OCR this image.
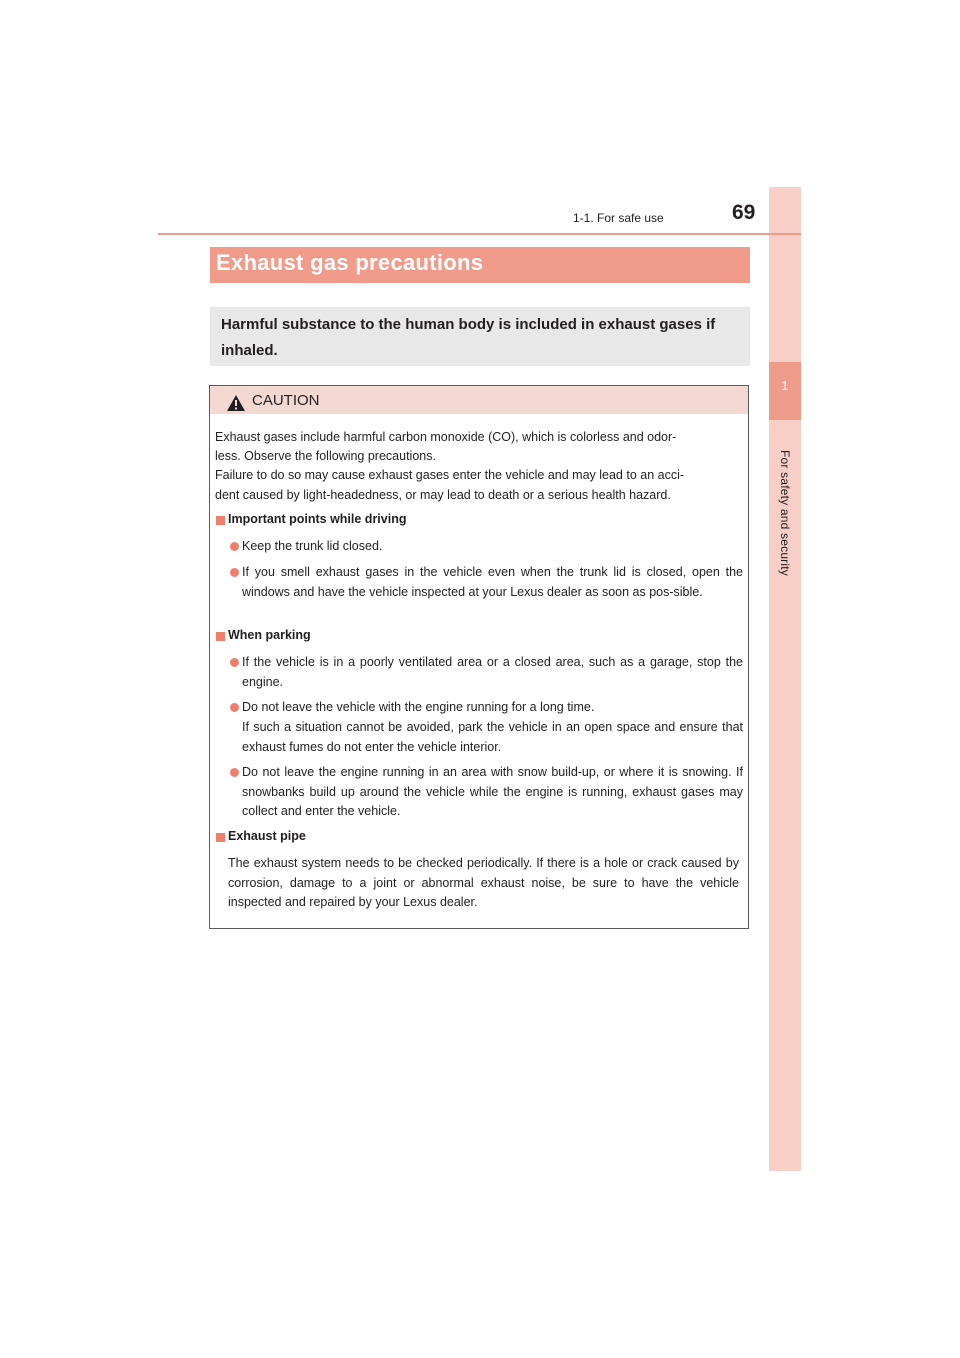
1
For safety and security
1-1. For safe use	69
Exhaust gas precautions
Harmful substance to the human body is included in exhaust gases if inhaled.
CAUTION
Exhaust gases include harmful carbon monoxide (CO), which is colorless and odor-
less. Observe the following precautions.
Failure to do so may cause exhaust gases enter the vehicle and may lead to an acci-
dent caused by light-headedness, or may lead to death or a serious health hazard.
Important points while driving
Keep the trunk lid closed.
If you smell exhaust gases in the vehicle even when the trunk lid is closed, open the windows and have the vehicle inspected at your Lexus dealer as soon as pos-sible.
When parking
If the vehicle is in a poorly ventilated area or a closed area, such as a garage, stop the engine.
Do not leave the vehicle with the engine running for a long time.
If such a situation cannot be avoided, park the vehicle in an open space and ensure that exhaust fumes do not enter the vehicle interior.
Do not leave the engine running in an area with snow build-up, or where it is snowing. If snowbanks build up around the vehicle while the engine is running, exhaust gases may collect and enter the vehicle.
Exhaust pipe
The exhaust system needs to be checked periodically. If there is a hole or crack caused by corrosion, damage to a joint or abnormal exhaust noise, be sure to have the vehicle inspected and repaired by your Lexus dealer.
